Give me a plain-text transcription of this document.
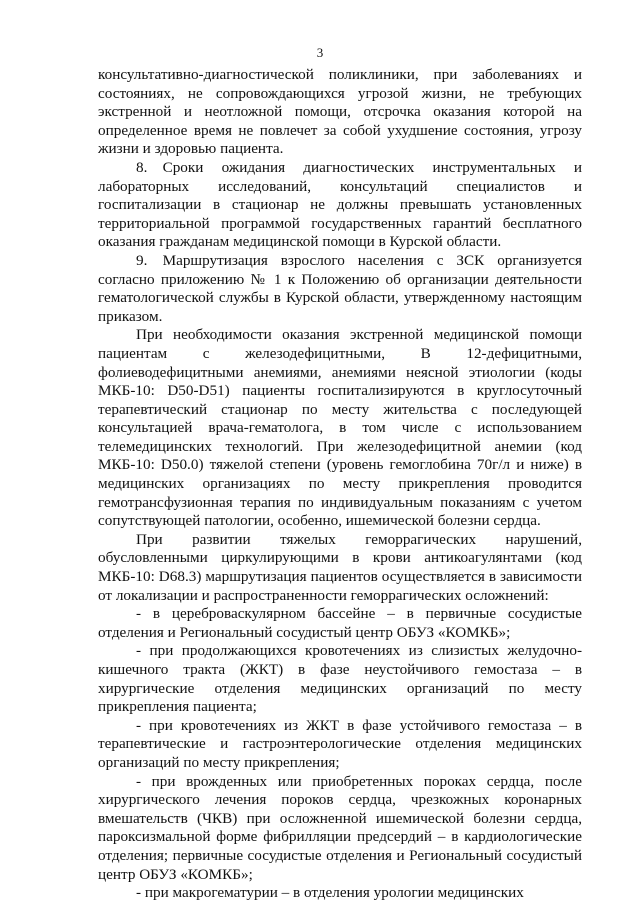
3

консультативно-диагностической поликлиники, при заболеваниях и состояниях, не сопровождающихся угрозой жизни, не требующих экстренной и неотложной помощи, отсрочка оказания которой на определенное время не повлечет за собой ухудшение состояния, угрозу жизни и здоровью пациента.

8. Сроки ожидания диагностических инструментальных и лабораторных исследований, консультаций специалистов и госпитализации в стационар не должны превышать установленных территориальной программой государственных гарантий бесплатного оказания гражданам медицинской помощи в Курской области.

9. Маршрутизация взрослого населения с ЗСК организуется согласно приложению № 1 к Положению об организации деятельности гематологической службы в Курской области, утвержденному настоящим приказом.

При необходимости оказания экстренной медицинской помощи пациентам с железодефицитными, В 12-дефицитными, фолиеводефицитными анемиями, анемиями неясной этиологии (коды МКБ-10: D50-D51) пациенты госпитализируются в круглосуточный терапевтический стационар по месту жительства с последующей консультацией врача-гематолога, в том числе с использованием телемедицинских технологий. При железодефицитной анемии (код МКБ-10: D50.0) тяжелой степени (уровень гемоглобина 70г/л и ниже) в медицинских организациях по месту прикрепления проводится гемотрансфузионная терапия по индивидуальным показаниям с учетом сопутствующей патологии, особенно, ишемической болезни сердца.

При развитии тяжелых геморрагических нарушений, обусловленными циркулирующими в крови антикоагулянтами (код МКБ-10: D68.3) маршрутизация пациентов осуществляется в зависимости от локализации и распространенности геморрагических осложнений:

- в цереброваскулярном бассейне – в первичные сосудистые отделения и Региональный сосудистый центр ОБУЗ «КОМКБ»;

- при продолжающихся кровотечениях из слизистых желудочно-кишечного тракта (ЖКТ) в фазе неустойчивого гемостаза – в хирургические отделения медицинских организаций по месту прикрепления пациента;

- при кровотечениях из ЖКТ в фазе устойчивого гемостаза – в терапевтические и гастроэнтерологические отделения медицинских организаций по месту прикрепления;

- при врожденных или приобретенных пороках сердца, после хирургического лечения пороков сердца, чрезкожных коронарных вмешательств (ЧКВ) при осложненной ишемической болезни сердца, пароксизмальной форме фибрилляции предсердий – в кардиологические отделения; первичные сосудистые отделения и Региональный сосудистый центр ОБУЗ «КОМКБ»;

- при макрогематурии – в отделения урологии медицинских
